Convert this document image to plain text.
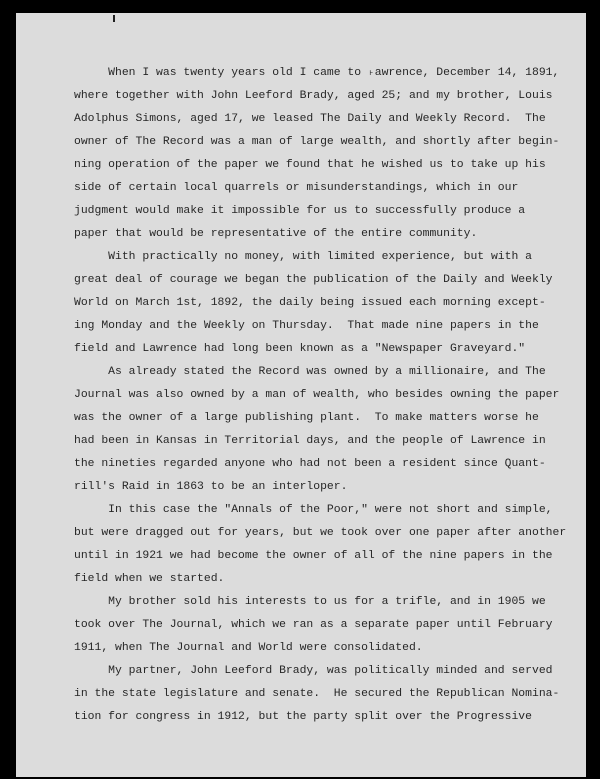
When I was twenty years old I came to ˫awrence, December 14, 1891,

where together with John Leeford Brady, aged 25; and my brother, Louis

Adolphus Simons, aged 17, we leased The Daily and Weekly Record.  The

owner of The Record was a man of large wealth, and shortly after begin-

ning operation of the paper we found that he wished us to take up his

side of certain local quarrels or misunderstandings, which in our

judgment would make it impossible for us to successfully produce a

paper that would be representative of the entire community.

With practically no money, with limited experience, but with a

great deal of courage we began the publication of the Daily and Weekly

World on March 1st, 1892, the daily being issued each morning except-

ing Monday and the Weekly on Thursday.  That made nine papers in the

field and Lawrence had long been known as a "Newspaper Graveyard."

As already stated the Record was owned by a millionaire, and The

Journal was also owned by a man of wealth, who besides owning the paper

was the owner of a large publishing plant.  To make matters worse he

had been in Kansas in Territorial days, and the people of Lawrence in

the nineties regarded anyone who had not been a resident since Quant-

rill's Raid in 1863 to be an interloper.

In this case the "Annals of the Poor," were not short and simple,

but were dragged out for years, but we took over one paper after another

until in 1921 we had become the owner of all of the nine papers in the

field when we started.

My brother sold his interests to us for a trifle, and in 1905 we

took over The Journal, which we ran as a separate paper until February

1911, when The Journal and World were consolidated.

My partner, John Leeford Brady, was politically minded and served

in the state legislature and senate.  He secured the Republican Nomina-

tion for congress in 1912, but the party split over the Progressive
